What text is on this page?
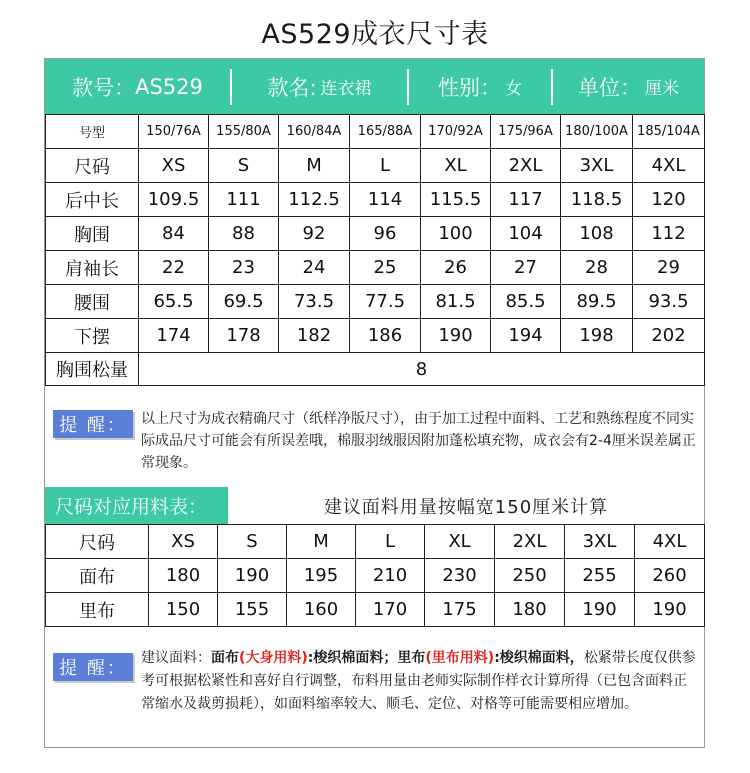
AS529成衣尺寸表
款号： AS529	款名: 连衣裙	性别： 女	单位： 厘米
号型	150/76A	155/80A	160/84A	165/88A	170/92A	175/96A	180/100A	185/104A
尺码	XS	S	M	L	XL	2XL	3XL	4XL
后中长	109.5	111	112.5	114	115.5	117	118.5	120
胸围	84	88	92	96	100	104	108	112
肩袖长	22	23	24	25	26	27	28	29
腰围	65.5	69.5	73.5	77.5	81.5	85.5	89.5	93.5
下摆	174	178	182	186	190	194	198	202
胸围松量	8							
提 醒：	以上尺寸为成衣精确尺寸（纸样净版尺寸），由于加工过程中面料、工艺和熟练程度不同实际成品尺寸可能会有所误差哦，棉服羽绒服因附加蓬松填充物，成衣会有2-4厘米误差属正常现象。
尺码对应用料表：	建议面料用量按幅宽150厘米计算
尺码	XS	S	M	L	XL	2XL	3XL	4XL
面布	180	190	195	210	230	250	255	260
里布	150	155	160	170	175	180	190	190
提 醒：	建议面料：面布(大身用料):梭织棉面料；里布(里布用料):梭织棉面料，松紧带长度仅供参考可根据松紧性和喜好自行调整，布料用量由老师实际制作样衣计算所得（已包含面料正常缩水及裁剪损耗），如面料缩率较大、顺毛、定位、对格等可能需要相应增加。
